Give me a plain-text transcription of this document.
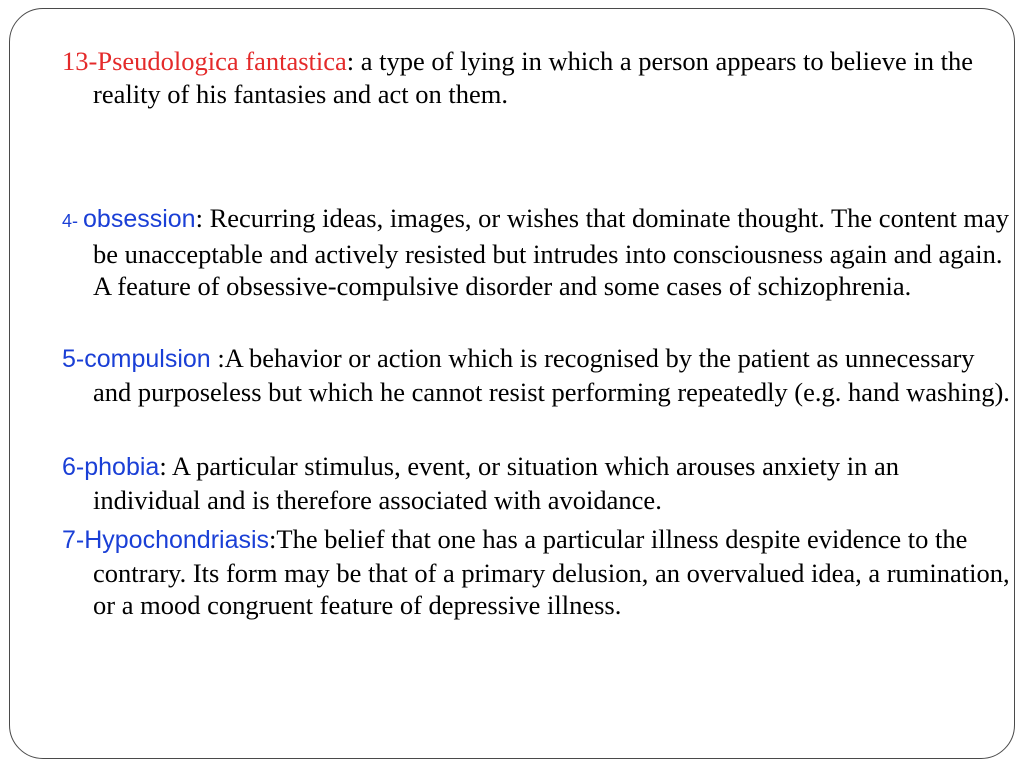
13-Pseudologica fantastica: a type of lying in which a person appears to believe in the reality of his fantasies and act on them.

4- obsession: Recurring ideas, images, or wishes that dominate thought. The content may be unacceptable and actively resisted but intrudes into consciousness again and again. A feature of obsessive-compulsive disorder and some cases of schizophrenia.

5-compulsion :A behavior or action which is recognised by the patient as unnecessary and purposeless but which he cannot resist performing repeatedly (e.g. hand washing).

6-phobia: A particular stimulus, event, or situation which arouses anxiety in an individual and is therefore associated with avoidance.

7-Hypochondriasis:The belief that one has a particular illness despite evidence to the contrary. Its form may be that of a primary delusion, an overvalued idea, a rumination, or a mood congruent feature of depressive illness.
